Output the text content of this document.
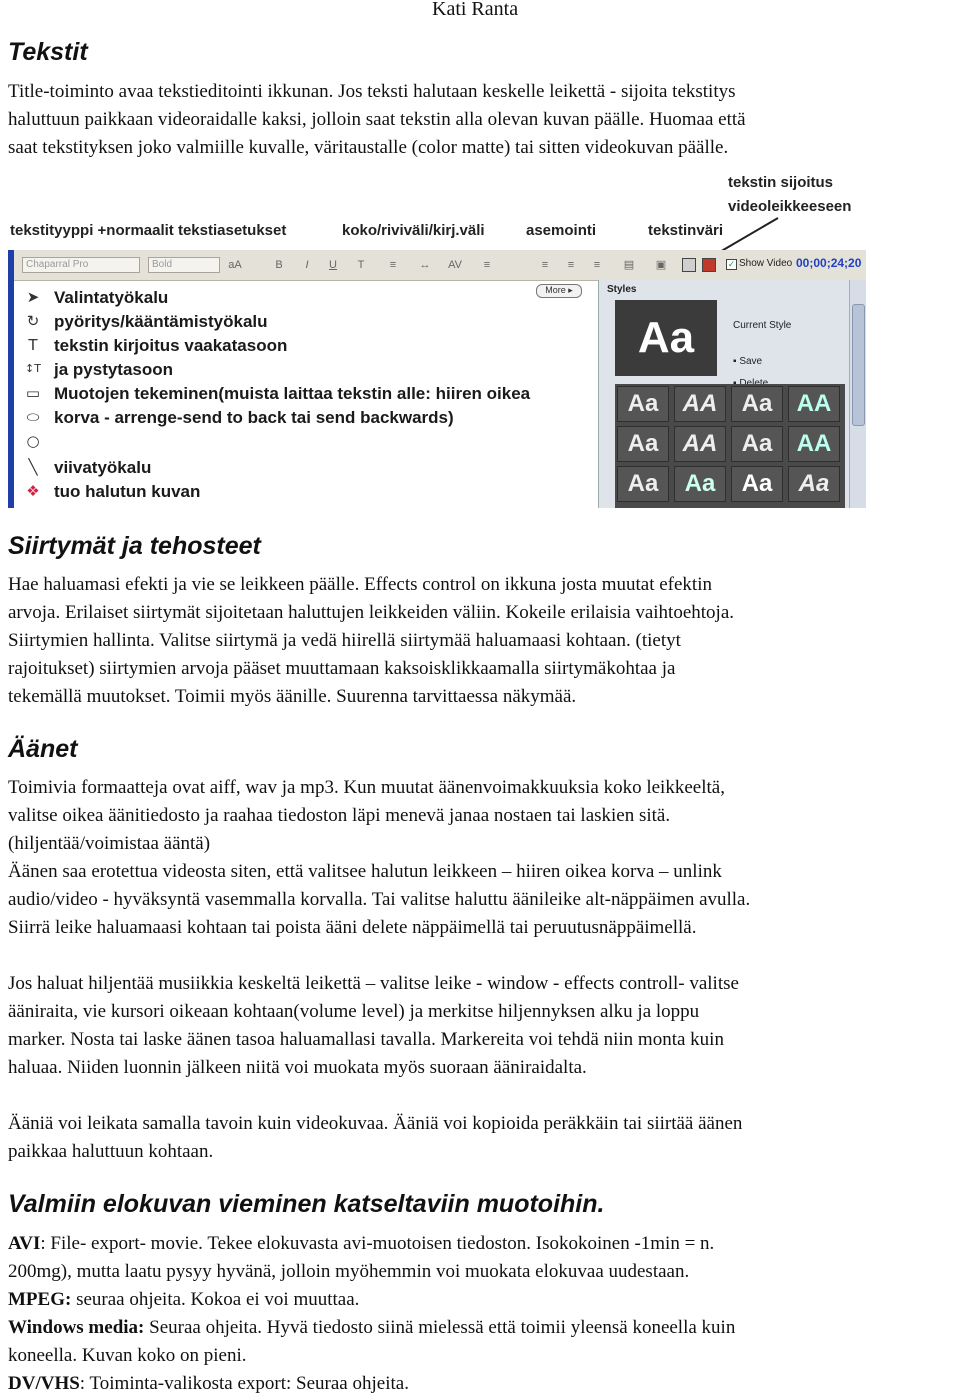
Kati Ranta
Tekstit
Title-toiminto avaa tekstieditointi ikkunan. Jos teksti halutaan keskelle leikettä - sijoita tekstitys
haluttuun paikkaan videoraidalle kaksi, jolloin saat tekstin alla olevan kuvan päälle. Huomaa että
saat tekstityksen joko valmiille kuvalle, väritaustalle (color matte) tai sitten videokuvan päälle.
tekstin sijoitus
videoleikkeeseen
tekstityyppi +normaalit tekstiasetukset	koko/riviväli/kirj.väli	asemointi	tekstinväri
Chaparral Pro	Bold	aA	B	I	U	T	≡	↔ AV	≡	≡	≡	≡	▤ ▣	✓ Show Video 00;00;24;20
➤ Valintatyökalu
↻ pyöritys/kääntämistyökalu
T tekstin kirjoitus vaakatasoon
↕T ja pystytasoon
▭ Muotojen tekeminen(muista laittaa tekstin alle: hiiren oikea
⬭ korva - arrenge-send to back tai send backwards)
○
╲ viivatyökalu
❖ tuo halutun kuvan
More ▸	Styles
Aa	Current Style
▪ Save
Aa	AA	Aa	AA
Aa	AA	Aa	AA
Aa	Aa	Aa	Aa
Siirtymät ja tehosteet
Hae haluamasi efekti ja vie se leikkeen päälle. Effects control on ikkuna josta muutat efektin
arvoja. Erilaiset siirtymät sijoitetaan haluttujen leikkeiden väliin. Kokeile erilaisia vaihtoehtoja.
Siirtymien hallinta. Valitse siirtymä ja vedä hiirellä siirtymää haluamaasi kohtaan. (tietyt
rajoitukset) siirtymien arvoja pääset muuttamaan kaksoisklikkaamalla siirtymäkohtaa ja
tekemällä muutokset. Toimii myös äänille. Suurenna tarvittaessa näkymää.
Äänet
Toimivia formaatteja ovat aiff, wav ja mp3. Kun muutat äänenvoimakkuuksia koko leikkeeltä,
valitse oikea äänitiedosto ja raahaa tiedoston läpi menevä janaa nostaen tai laskien sitä.
(hiljentää/voimistaa ääntä)
Äänen saa erotettua videosta siten, että valitsee halutun leikkeen – hiiren oikea korva – unlink
audio/video - hyväksyntä vasemmalla korvalla. Tai valitse haluttu äänileike alt-näppäimen avulla.
Siirrä leike haluamaasi kohtaan tai poista ääni delete näppäimellä tai peruutusnäppäimellä.
Jos haluat hiljentää musiikkia keskeltä leikettä – valitse leike - window - effects controll- valitse
ääniraita, vie kursori oikeaan kohtaan(volume level) ja merkitse hiljennyksen alku ja loppu
marker. Nosta tai laske äänen tasoa haluamallasi tavalla. Markereita voi tehdä niin monta kuin
haluaa. Niiden luonnin jälkeen niitä voi muokata myös suoraan ääniraidalta.
Ääniä voi leikata samalla tavoin kuin videokuvaa. Ääniä voi kopioida peräkkäin tai siirtää äänen
paikkaa haluttuun kohtaan.
Valmiin elokuvan vieminen katseltaviin muotoihin.
AVI: File- export- movie. Tekee elokuvasta avi-muotoisen tiedoston. Isokokoinen -1min = n.
200mg), mutta laatu pysyy hyvänä, jolloin myöhemmin voi muokata elokuvaa uudestaan.
MPEG: seuraa ohjeita. Kokoa ei voi muuttaa.
Windows media: Seuraa ohjeita. Hyvä tiedosto siinä mielessä että toimii yleensä koneella kuin
koneella. Kuvan koko on pieni.
DV/VHS: Toiminta-valikosta export: Seuraa ohjeita.
